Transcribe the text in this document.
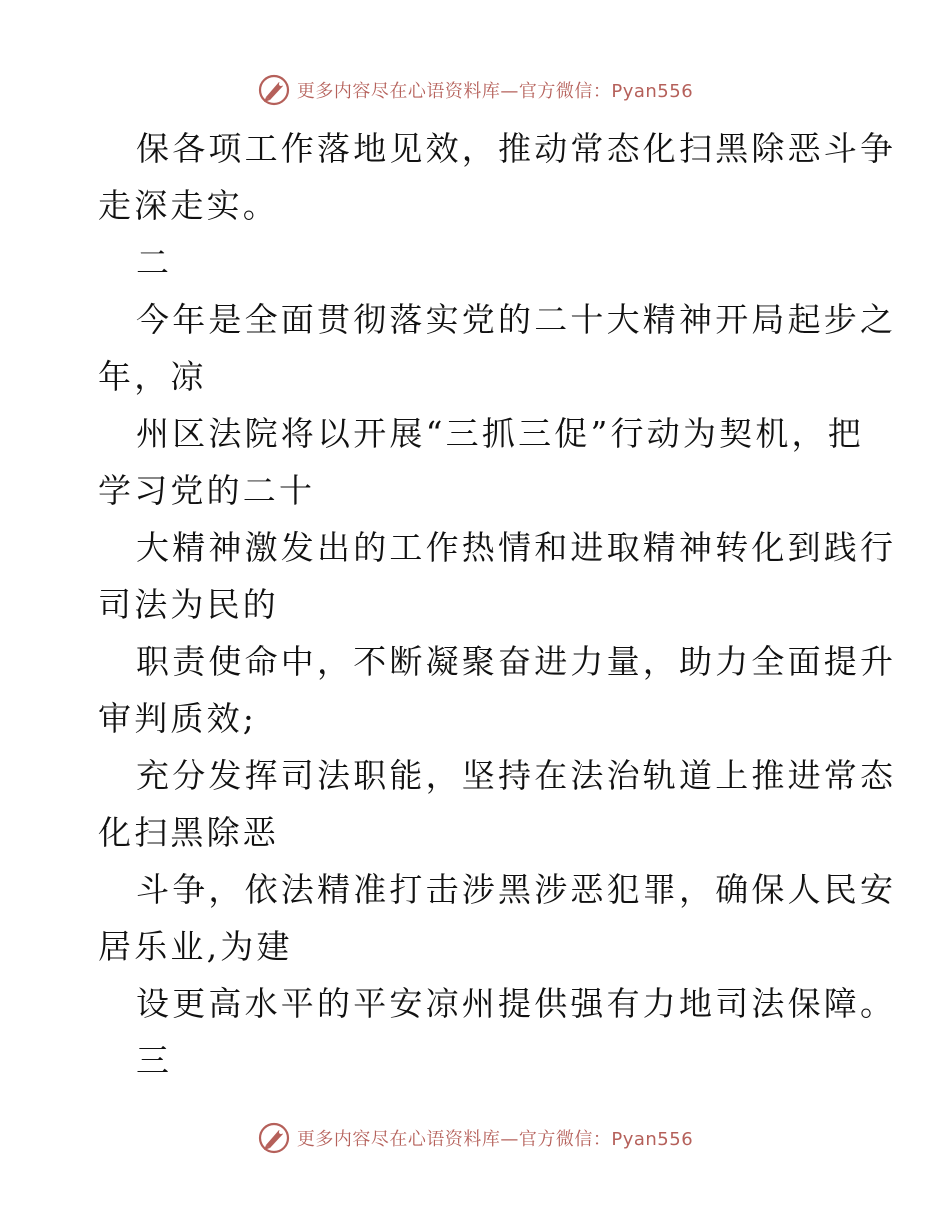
更多内容尽在心语资料库—官方微信：Pyan556
保各项工作落地见效，推动常态化扫黑除恶斗争
走深走实。
二
今年是全面贯彻落实党的二十大精神开局起步之
年，凉
州区法院将以开展“三抓三促”行动为契机，把
学习党的二十
大精神激发出的工作热情和进取精神转化到践行
司法为民的
职责使命中，不断凝聚奋进力量，助力全面提升
审判质效;
充分发挥司法职能，坚持在法治轨道上推进常态
化扫黑除恶
斗争，依法精准打击涉黑涉恶犯罪，确保人民安
居乐业,为建
设更高水平的平安凉州提供强有力地司法保障。
三
更多内容尽在心语资料库—官方微信：Pyan556
